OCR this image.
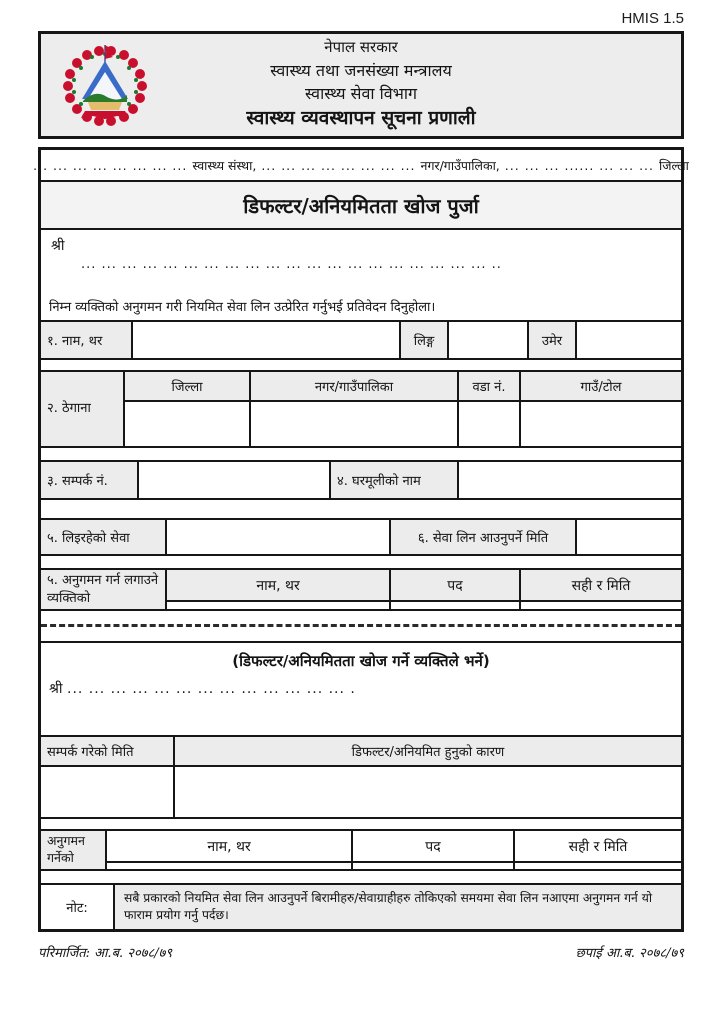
HMIS 1.5
नेपाल सरकार
स्वास्थ्य तथा जनसंख्या मन्त्रालय
स्वास्थ्य सेवा विभाग
स्वास्थ्य व्यवस्थापन सूचना प्रणाली
... ... ... ... ... ... ... ... स्वास्थ्य संस्था, ... ... ... ... ... ... ... ... नगर/गाउँपालिका, ... ... ... ...... ... ... ... जिल्ला
डिफल्टर/अनियमितता खोज पुर्जा
श्री
... ... ... ... ... ... ... ... ... ... ... ... ... ... ... ... ... ... ... ... ..
निम्न व्यक्तिको अनुगमन गरी नियमित सेवा लिन उत्प्रेरित गर्नुभई प्रतिवेदन दिनुहोला।
१. नाम, थर	लिङ्ग	उमेर
२. ठेगाना
जिल्ला	नगर/गाउँपालिका	वडा नं.	गाउँ/टोल
३. सम्पर्क नं.	४. घरमूलीको नाम
५. लिइरहेको सेवा	६. सेवा लिन आउनुपर्ने मिति
५. अनुगमन गर्न लगाउने व्यक्तिको
नाम, थर	पद	सही र मिति
(डिफल्टर/अनियमितता खोज गर्ने व्यक्तिले भर्ने)
श्री ... ... ... ... ... ... ... ... ... ... ... ... ... .
सम्पर्क गरेको मिति	डिफल्टर/अनियमित हुनुको कारण
अनुगमन गर्नेको
नाम, थर	पद	सही र मिति
नोट:
सबै प्रकारको नियमित सेवा लिन आउनुपर्ने बिरामीहरु/सेवाग्राहीहरु तोकिएको समयमा सेवा लिन नआएमा अनुगमन गर्न यो फाराम प्रयोग गर्नु पर्दछ।
परिमार्जित: आ.ब. २०७८/७९	छपाई आ.ब. २०७८/७९
